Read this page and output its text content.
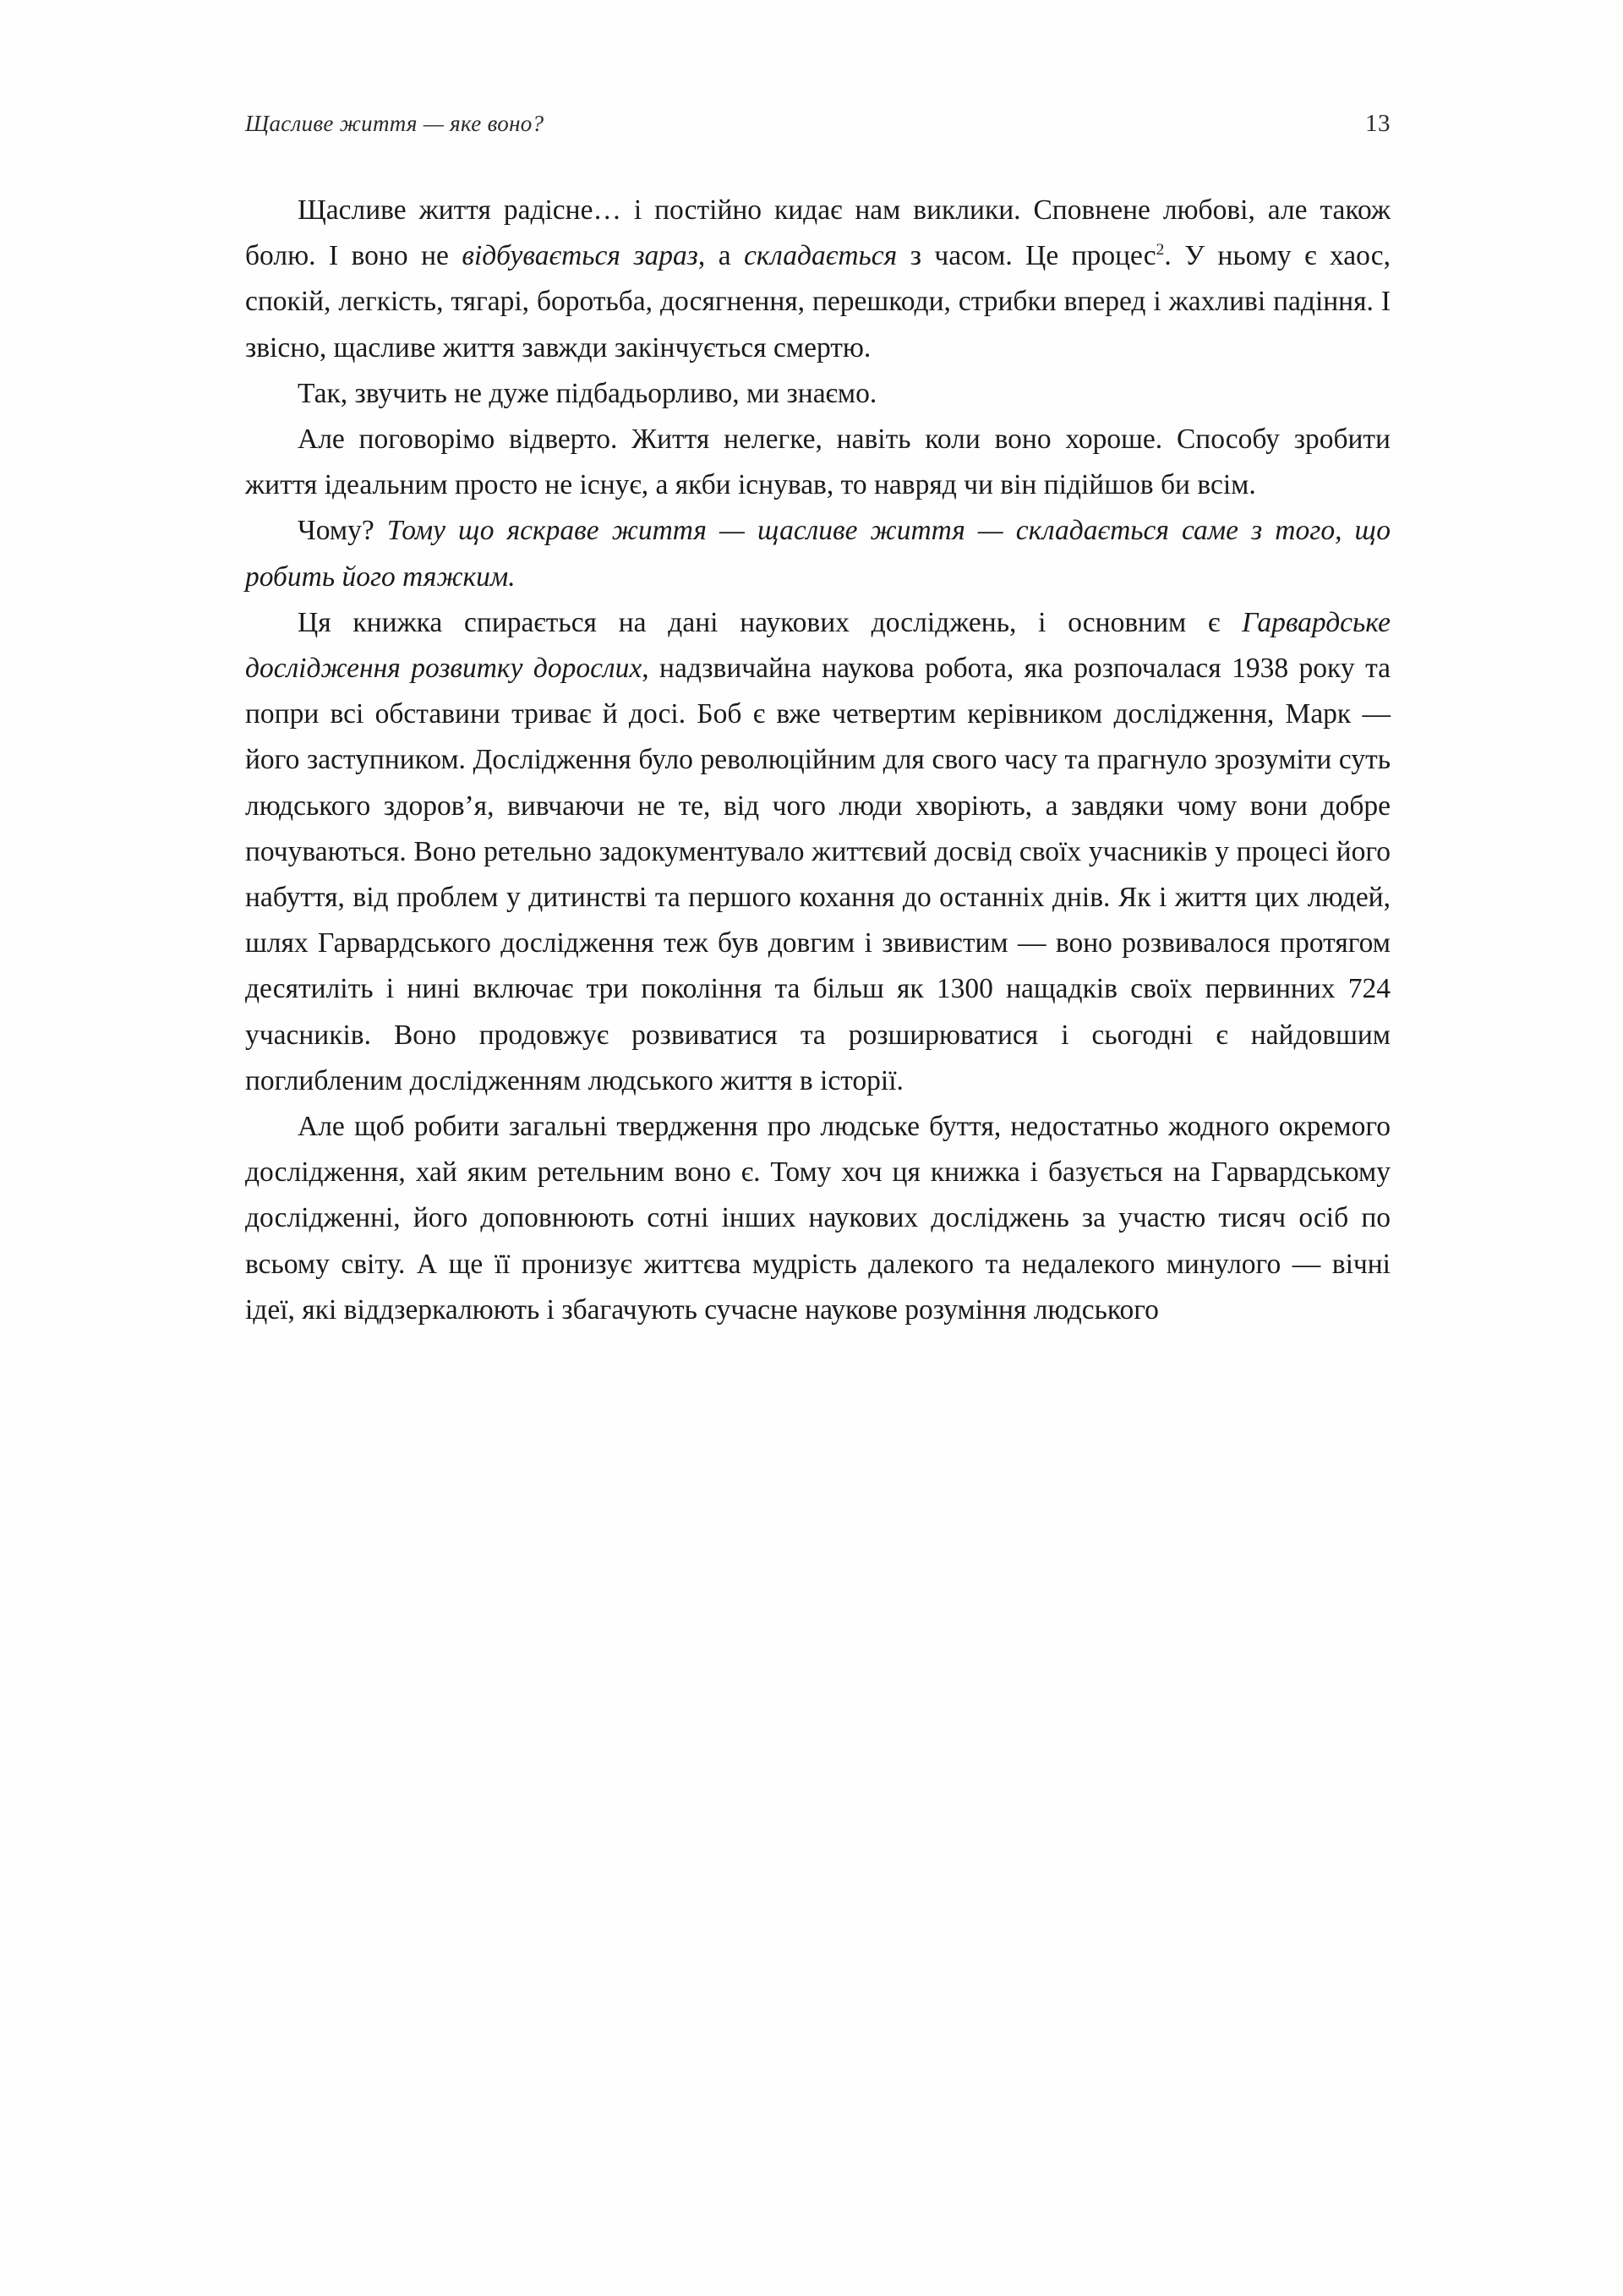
Щасливе життя — яке воно?	13

Щасливе життя радісне… і постійно кидає нам виклики. Сповнене любові, але також болю. І воно не відбувається зараз, а складається з часом. Це процес$^2$. У ньому є хаос, спокій, легкість, тягарі, боротьба, досягнення, перешкоди, стрибки вперед і жахливі падіння. І звісно, щасливе життя завжди закінчується смертю.

Так, звучить не дуже підбадьорливо, ми знаємо.

Але поговорімо відверто. Життя нелегке, навіть коли воно хороше. Способу зробити життя ідеальним просто не існує, а якби існував, то навряд чи він підійшов би всім.

Чому? Тому що яскраве життя — щасливе життя — складається саме з того, що робить його тяжким.

Ця книжка спирається на дані наукових досліджень, і основним є Гарвардське дослідження розвитку дорослих, надзвичайна наукова робота, яка розпочалася 1938 року та попри всі обставини триває й досі. Боб є вже четвертим керівником дослідження, Марк — його заступником. Дослідження було революційним для свого часу та прагнуло зрозуміти суть людського здоров’я, вивчаючи не те, від чого люди хворіють, а завдяки чому вони добре почуваються. Воно ретельно задокументувало життєвий досвід своїх учасників у процесі його набуття, від проблем у дитинстві та першого кохання до останніх днів. Як і життя цих людей, шлях Гарвардського дослідження теж був довгим і звивистим — воно розвивалося протягом десятиліть і нині включає три покоління та більш як 1300 нащадків своїх первинних 724 учасників. Воно продовжує розвиватися та розширюватися і сьогодні є найдовшим поглибленим дослідженням людського життя в історії.

Але щоб робити загальні твердження про людське буття, недостатньо жодного окремого дослідження, хай яким ретельним воно є. Тому хоч ця книжка і базується на Гарвардському дослідженні, його доповнюють сотні інших наукових досліджень за участю тисяч осіб по всьому світу. А ще її пронизує життєва мудрість далекого та недалекого минулого — вічні ідеї, які віддзеркалюють і збагачують сучасне наукове розуміння людського
